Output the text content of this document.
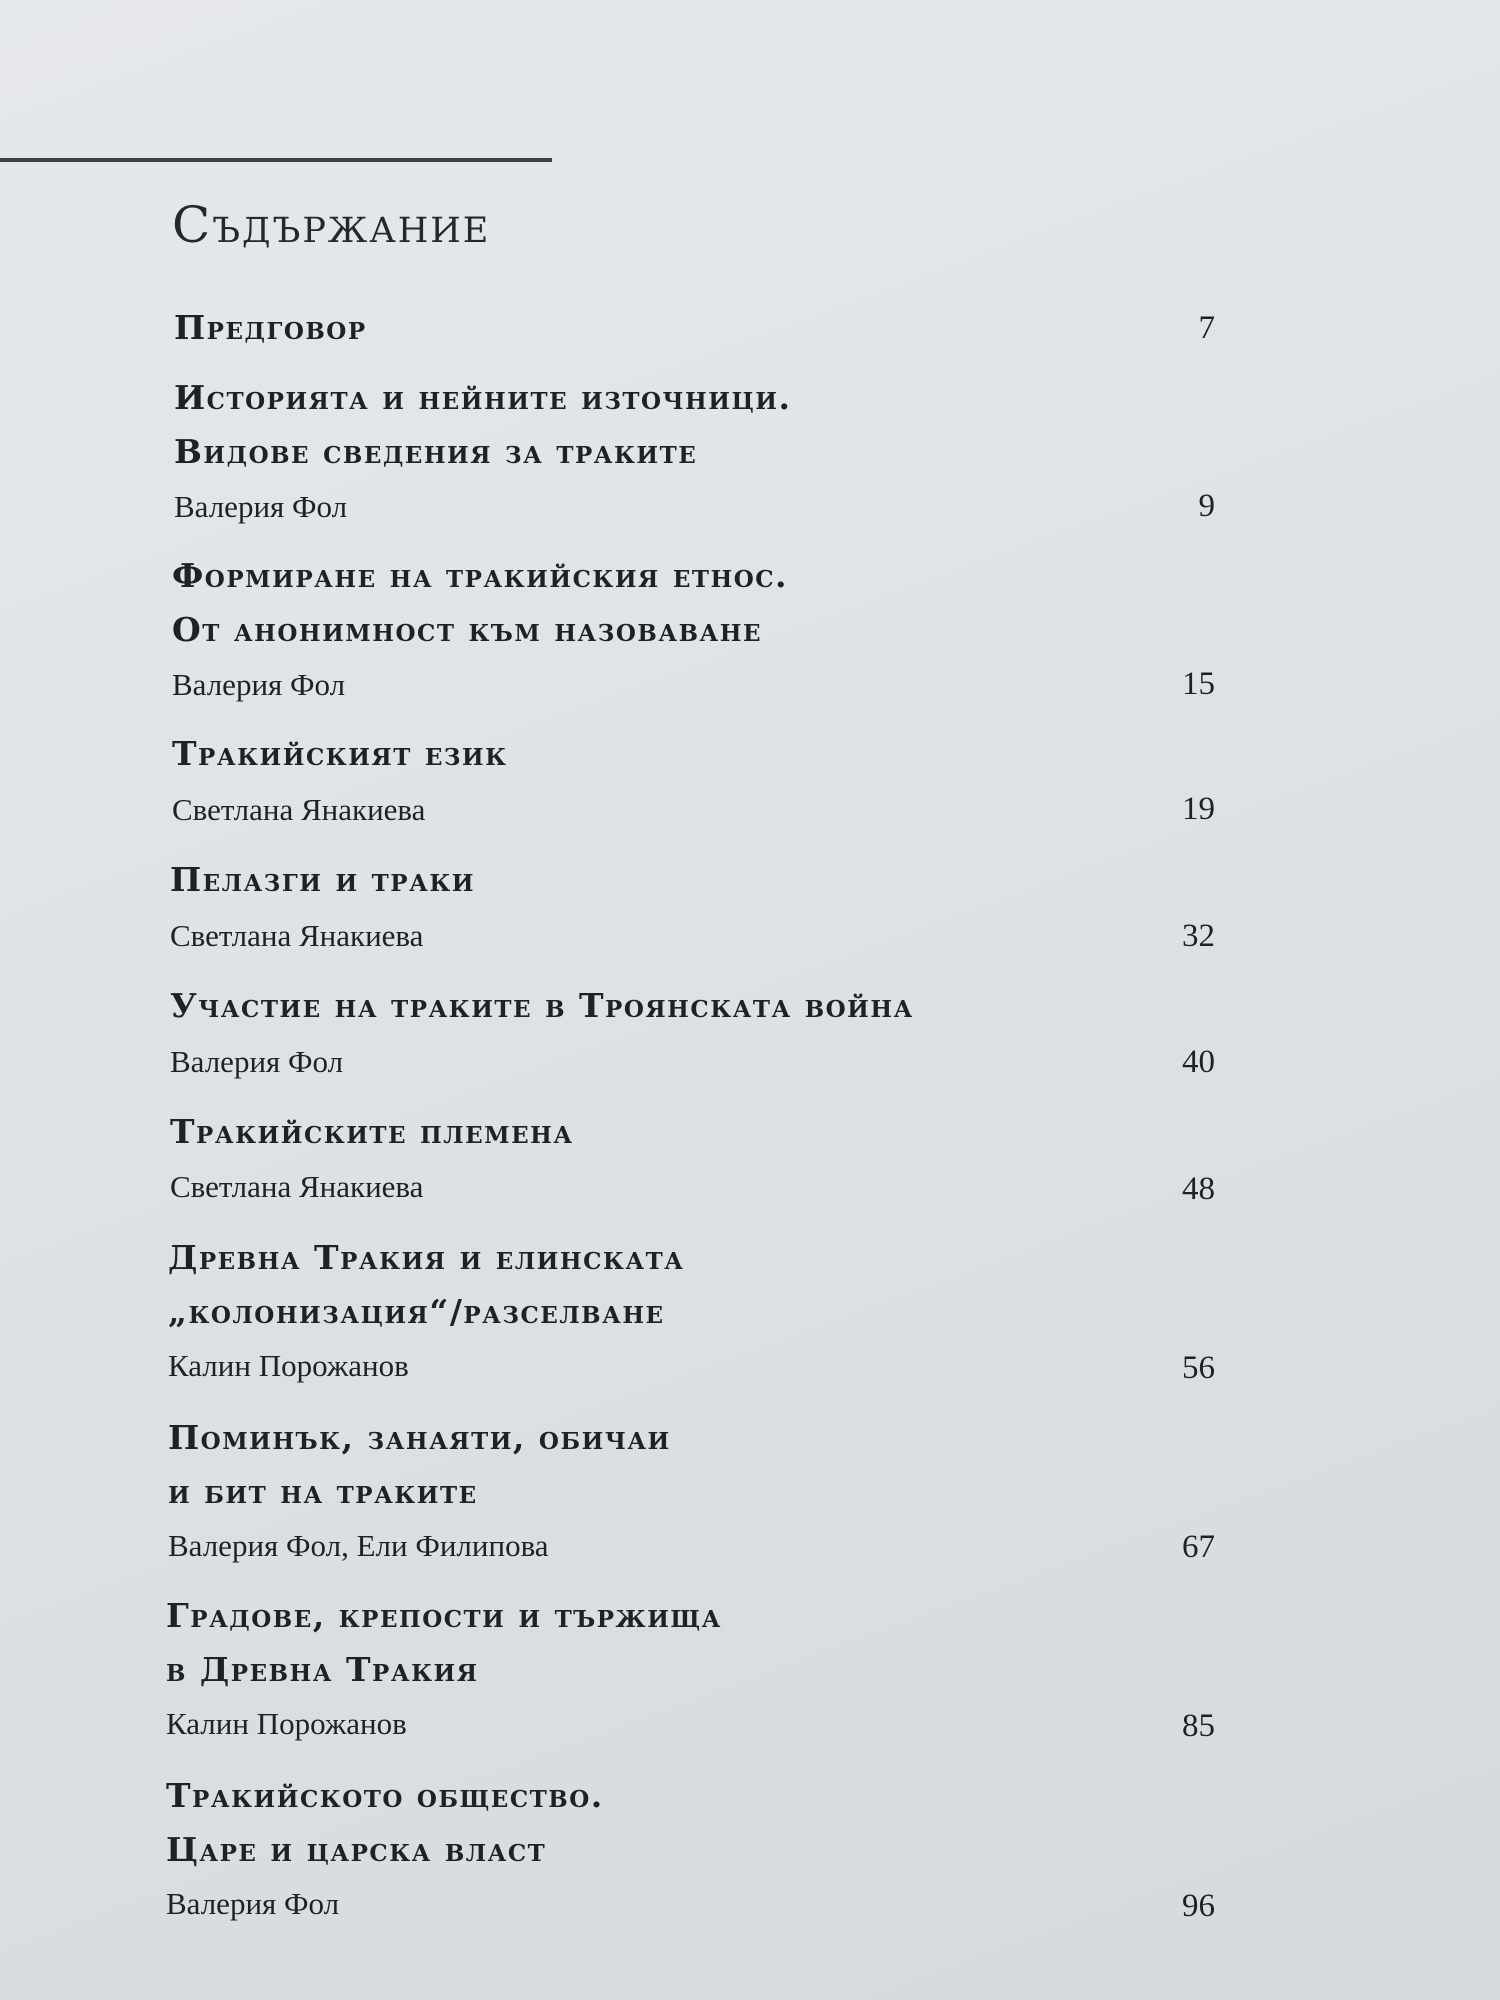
Съдържание
Предговор	7
Историята и нейните източници.
Видове сведения за траките
Валерия Фол	9
Формиране на тракийския етнос.
От анонимност към назоваване
Валерия Фол	15
Тракийският език
Светлана Янакиева	19
Пелазги и траки
Светлана Янакиева	32
Участие на траките в Троянската война
Валерия Фол	40
Тракийските племена
Светлана Янакиева	48
Древна Тракия и елинската
„колонизация“/разселване
Калин Порожанов	56
Поминък, занаяти, обичаи
и бит на траките
Валерия Фол, Ели Филипова	67
Градове, крепости и тържища
в Древна Тракия
Калин Порожанов	85
Тракийското общество.
Царе и царска власт
Валерия Фол	96
